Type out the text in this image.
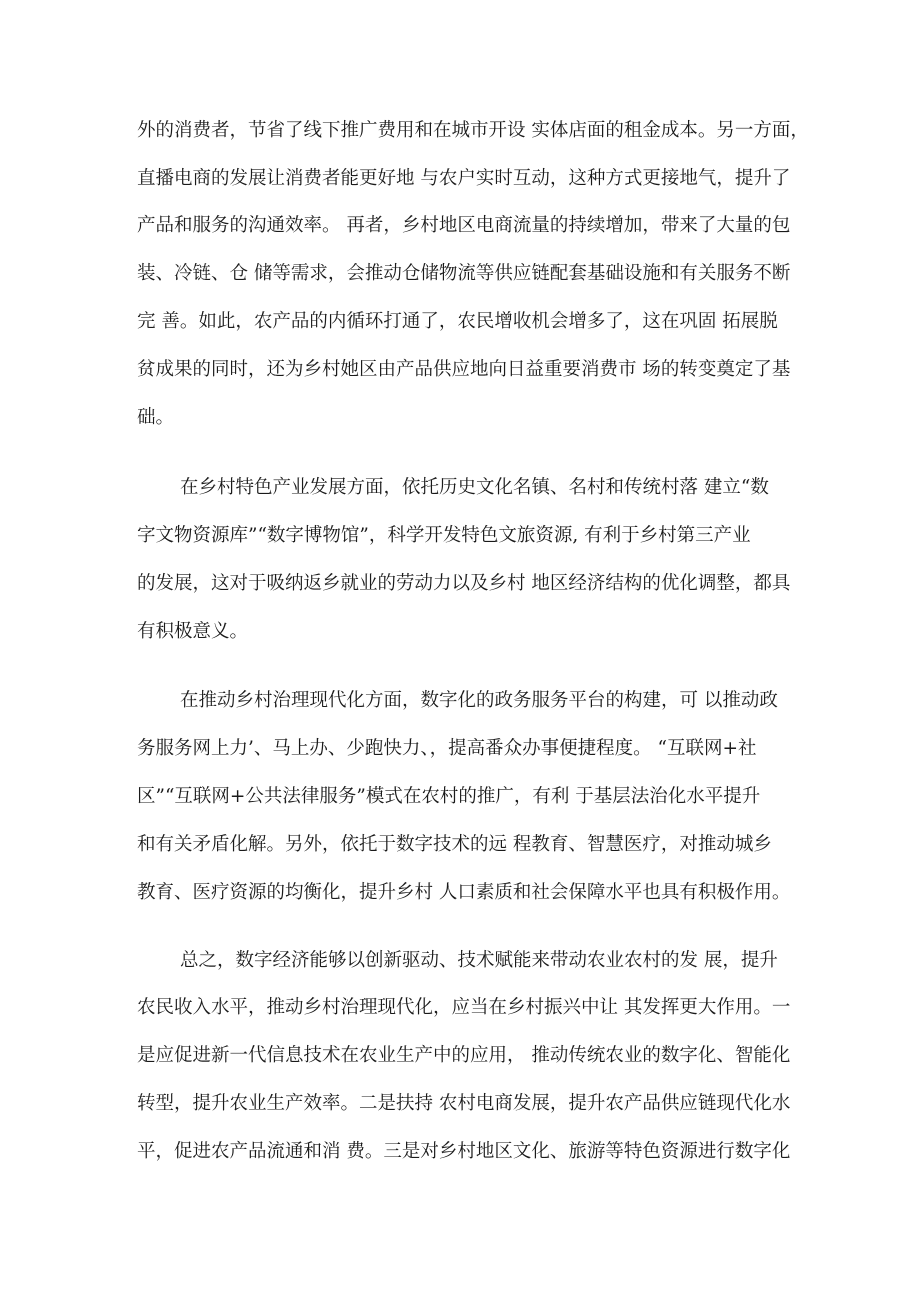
外的消费者，节省了线下推广费用和在城市开设 实体店面的租金成本。另一方面，
直播电商的发展让消费者能更好地 与农户实时互动，这种方式更接地气，提升了
产品和服务的沟通效率。 再者，乡村地区电商流量的持续增加，带来了大量的包
装、冷链、仓 储等需求，会推动仓储物流等供应链配套基础设施和有关服务不断
完 善。如此，农产品的内循环打通了，农民增收机会增多了，这在巩固 拓展脱
贫成果的同时，还为乡村她区由产品供应地向日益重要消费市 场的转变奠定了基
础。
在乡村特色产业发展方面，依托历史文化名镇、名村和传统村落 建立“数
字文物资源库”“数字博物馆”，科学开发特色文旅资源, 有利于乡村第三产业
的发展，这对于吸纳返乡就业的劳动力以及乡村 地区经济结构的优化调整，都具
有积极意义。
在推动乡村治理现代化方面，数字化的政务服务平台的构建，可 以推动政
务服务网上力’、马上办、少跑快力、，提高番众办事便捷程度。 “互联网+社
区”“互联网+公共法律服务”模式在农村的推广，有利 于基层法治化水平提升
和有关矛盾化解。另外，依托于数字技术的远 程教育、智慧医疗，对推动城乡
教育、医疗资源的均衡化，提升乡村 人口素质和社会保障水平也具有积极作用。
总之，数字经济能够以创新驱动、技术赋能来带动农业农村的发 展，提升
农民收入水平，推动乡村治理现代化，应当在乡村振兴中让 其发挥更大作用。一
是应促进新一代信息技术在农业生产中的应用， 推动传统农业的数字化、智能化
转型，提升农业生产效率。二是扶持 农村电商发展，提升农产品供应链现代化水
平，促进农产品流通和消 费。三是对乡村地区文化、旅游等特色资源进行数字化
